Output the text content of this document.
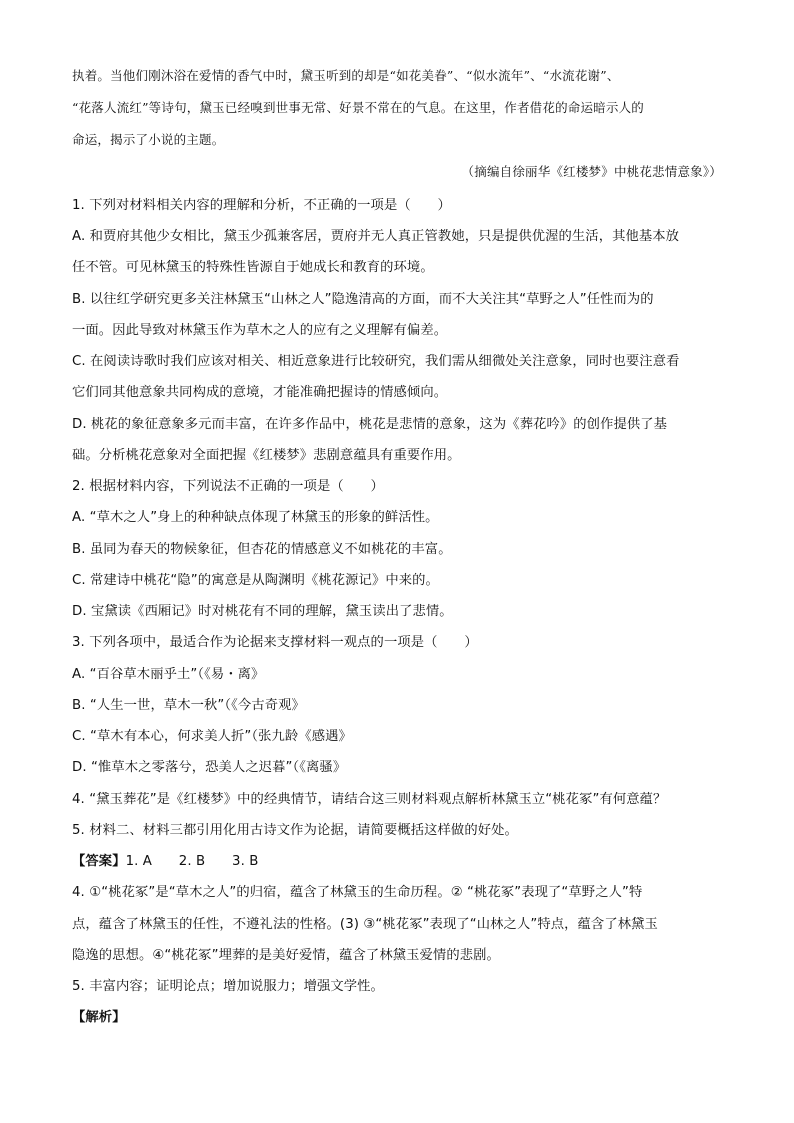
执着。当他们刚沐浴在爱情的香气中时，黛玉听到的却是“如花美眷”、“似水流年”、“水流花谢”、
“花落人流红”等诗句，黛玉已经嗅到世事无常、好景不常在的气息。在这里，作者借花的命运暗示人的
命运，揭示了小说的主题。
（摘编自徐丽华《红楼梦》中桃花悲情意象》）
1. 下列对材料相关内容的理解和分析，不正确的一项是（　　）
A. 和贾府其他少女相比，黛玉少孤兼客居，贾府并无人真正管教她，只是提供优渥的生活，其他基本放
任不管。可见林黛玉的特殊性皆源自于她成长和教育的环境。
B. 以往红学研究更多关注林黛玉“山林之人”隐逸清高的方面，而不大关注其“草野之人”任性而为的
一面。因此导致对林黛玉作为草木之人的应有之义理解有偏差。
C. 在阅读诗歌时我们应该对相关、相近意象进行比较研究，我们需从细微处关注意象，同时也要注意看
它们同其他意象共同构成的意境，才能准确把握诗的情感倾向。
D. 桃花的象征意象多元而丰富，在许多作品中，桃花是悲情的意象，这为《葬花吟》的创作提供了基
础。分析桃花意象对全面把握《红楼梦》悲剧意蕴具有重要作用。
2. 根据材料内容，下列说法不正确的一项是（　　）
A. “草木之人”身上的种种缺点体现了林黛玉的形象的鲜活性。
B. 虽同为春天的物候象征，但杏花的情感意义不如桃花的丰富。
C. 常建诗中桃花“隐”的寓意是从陶渊明《桃花源记》中来的。
D. 宝黛读《西厢记》时对桃花有不同的理解，黛玉读出了悲情。
3. 下列各项中，最适合作为论据来支撑材料一观点的一项是（　　）
A. “百谷草木丽乎土”（《易・离》
B. “人生一世，草木一秋”（《今古奇观》
C. “草木有本心，何求美人折”（张九龄《感遇》
D. “惟草木之零落兮，恐美人之迟暮”（《离骚》
4. “黛玉葬花”是《红楼梦》中的经典情节，请结合这三则材料观点解析林黛玉立“桃花冢”有何意蕴？
5. 材料二、材料三都引用化用古诗文作为论据，请简要概括这样做的好处。
【答案】1. A　　2. B　　3. B
4. ①“桃花冢”是“草木之人”的归宿，蕴含了林黛玉的生命历程。② “桃花冢”表现了“草野之人”特
点，蕴含了林黛玉的任性，不遵礼法的性格。(3) ③“桃花冢”表现了“山林之人”特点，蕴含了林黛玉
隐逸的思想。④“桃花冢”埋葬的是美好爱情，蕴含了林黛玉爱情的悲剧。
5. 丰富内容；证明论点；增加说服力；增强文学性。
【解析】
